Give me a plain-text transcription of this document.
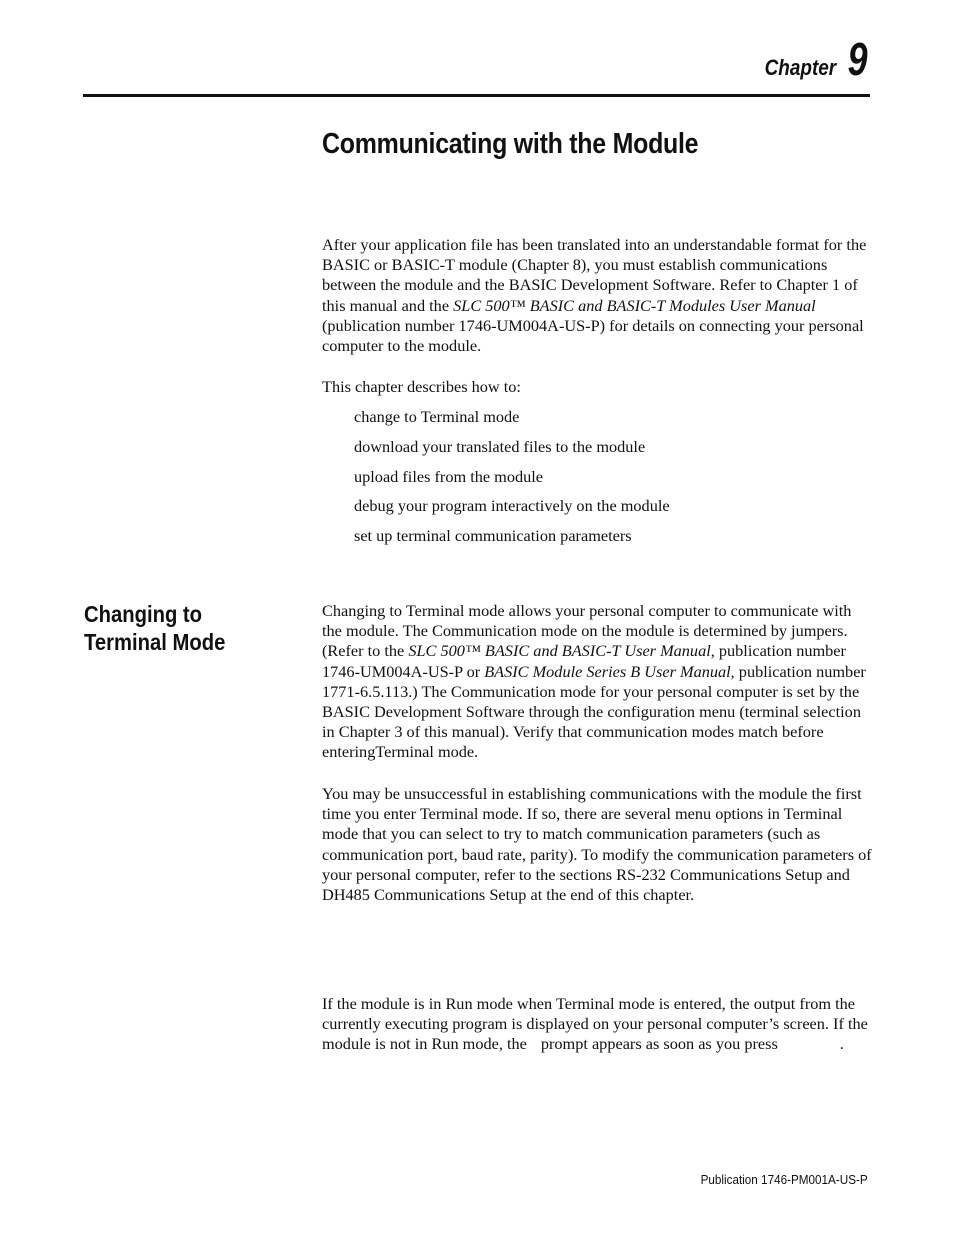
Chapter 9
Communicating with the Module

After your application file has been translated into an understandable format for the BASIC or BASIC-T module (Chapter 8), you must establish communications between the module and the BASIC Development Software. Refer to Chapter 1 of this manual and the SLC 500™ BASIC and BASIC-T Modules User Manual (publication number 1746-UM004A-US-P) for details on connecting your personal computer to the module.

This chapter describes how to:
change to Terminal mode
download your translated files to the module
upload files from the module
debug your program interactively on the module
set up terminal communication parameters
Changing to Terminal Mode

Changing to Terminal mode allows your personal computer to communicate with the module. The Communication mode on the module is determined by jumpers. (Refer to the SLC 500™ BASIC and BASIC-T User Manual, publication number 1746-UM004A-US-P or BASIC Module Series B User Manual, publication number 1771-6.5.113.) The Communication mode for your personal computer is set by the BASIC Development Software through the configuration menu (terminal selection in Chapter 3 of this manual). Verify that communication modes match before enteringTerminal mode.

You may be unsuccessful in establishing communications with the module the first time you enter Terminal mode. If so, there are several menu options in Terminal mode that you can select to try to match communication parameters (such as communication port, baud rate, parity). To modify the communication parameters of your personal computer, refer to the sections RS-232 Communications Setup and DH485 Communications Setup at the end of this chapter.

If the module is in Run mode when Terminal mode is entered, the output from the
currently executing program is displayed on your personal computer’s screen. If the
module is not in Run mode, the prompt appears as soon as you press	.
Publication 1746-PM001A-US-P
